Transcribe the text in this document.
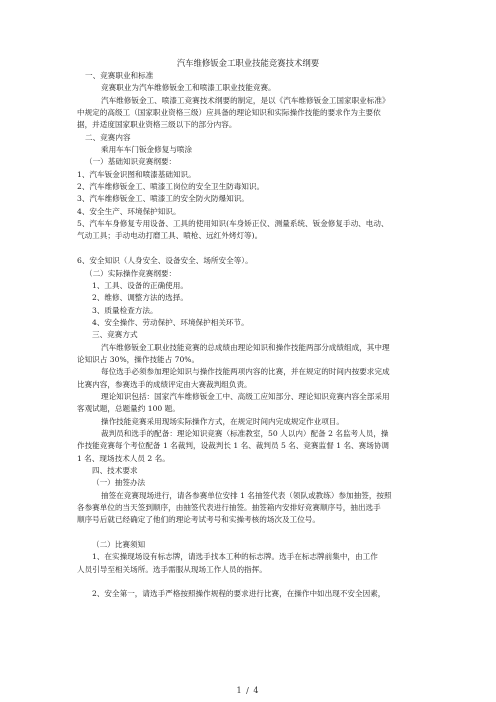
汽车维修钣金工职业技能竞赛技术纲要
一、竞赛职业和标准
竞赛职业为汽车维修钣金工和喷漆工职业技能竞赛。
汽车维修钣金工、喷漆工竞赛技术纲要的制定，是以《汽车维修钣金工国家职业标准》
中规定的高级工（国家职业资格三级）应具备的理论知识和实际操作技能的要求作为主要依
据，并适度国家职业资格三级以下的部分内容。
二、竞赛内容
乘用车车门钣金修复与喷涂
（一）基础知识竞赛纲要：
1、汽车钣金识图和喷漆基础知识。
2、汽车维修钣金工、喷漆工岗位的安全卫生防毒知识。
3、汽车维修钣金工、喷漆工的安全防火防爆知识。
4、安全生产、环境保护知识。
5、汽车车身修复专用设备、工具的使用知识(车身矫正仪、测量系统、钣金修复手动、电动、
气动工具；手动电动打磨工具、喷枪、远红外烤灯等)。
6、安全知识（人身安全、设备安全、场所安全等）。
（二）实际操作竞赛纲要：
1、工具、设备的正确使用。
2、维修、调整方法的选择。
3、质量检查方法。
4、安全操作、劳动保护、环境保护相关环节。
三、竞赛方式
汽车维修钣金工职业技能竞赛的总成绩由理论知识和操作技能两部分成绩组成，其中理
论知识占 30%，操作技能占 70%。
每位选手必须参加理论知识与操作技能两项内容的比赛，并在规定的时间内按要求完成
比赛内容，参赛选手的成绩评定由大赛裁判组负责。
理论知识包括：国家汽车维修钣金工中、高级工应知部分、理论知识竞赛内容全部采用
客观试题，总题量约 100 题。
操作技能竞赛采用现场实际操作方式，在规定时间内完成规定作业项目。
裁判员和选手的配备：理论知识竞赛（标准教室，50 人以内）配备 2 名监考人员，操
作技能竞赛每个考位配备 1 名裁判，设裁判长 1 名、裁判员 5 名、竞赛监督 1 名、赛场协调
1 名、现场技术人员 2 名。
四、技术要求
（一）抽签办法
抽签在竞赛现场进行，请各参赛单位安排 1 名抽签代表（领队或教练）参加抽签，按照
各参赛单位的当天签到顺序，由抽签代表进行抽签。抽签箱内安排好竞赛顺序号，抽出选手
顺序号后就已经确定了他们的理论考试考号和实操考核的场次及工位号。
（二）比赛须知
1、在实操现场设有标志牌，请选手找本工种的标志牌。选手在标志牌前集中，由工作
人员引导至相关场所。选手需服从现场工作人员的指挥。
2、安全第一，请选手严格按照操作规程的要求进行比赛，在操作中如出现不安全因素，
1 / 4
